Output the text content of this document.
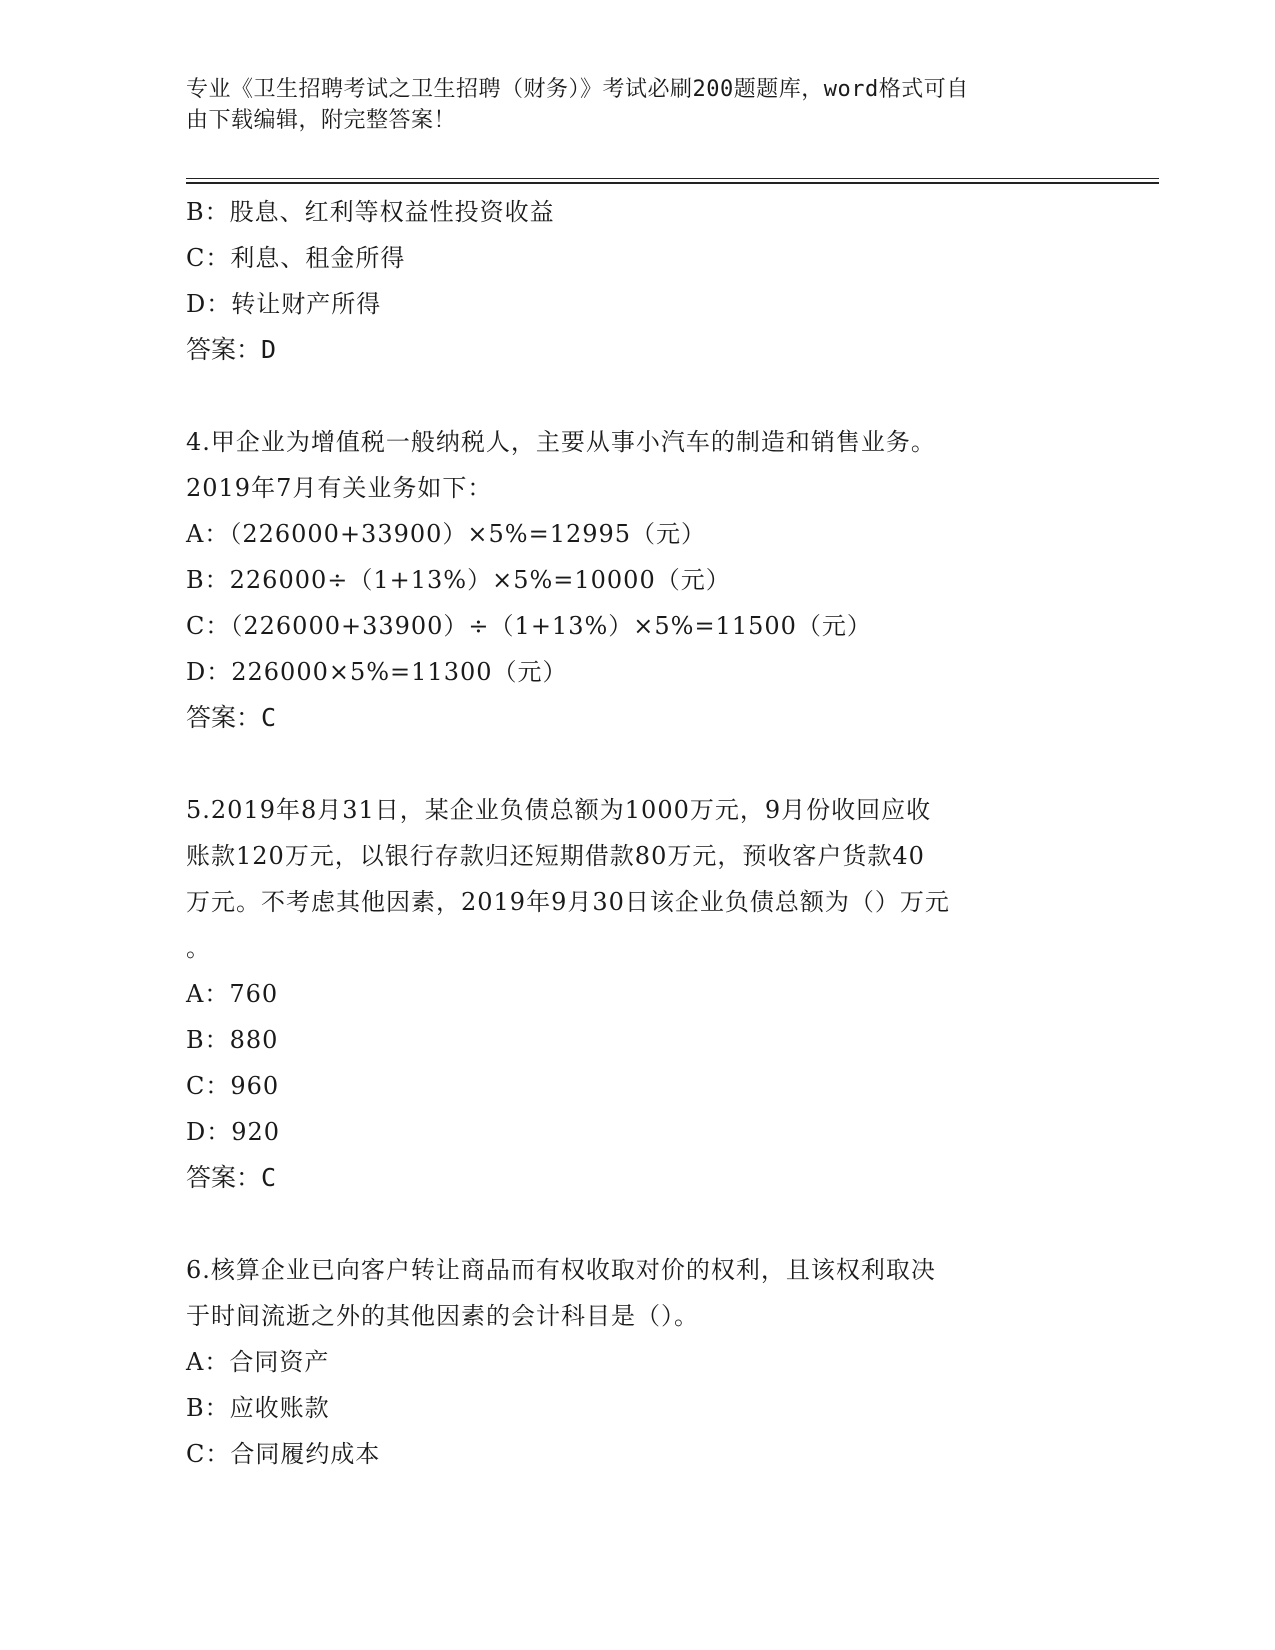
专业《卫生招聘考试之卫生招聘（财务）》考试必刷200题题库，word格式可自
由下载编辑，附完整答案！
B：股息、红利等权益性投资收益
C：利息、租金所得
D：转让财产所得
答案：D
4.甲企业为增值税一般纳税人，主要从事小汽车的制造和销售业务。
2019年7月有关业务如下：
A：（226000+33900）×5%=12995（元）
B：226000÷（1+13%）×5%=10000（元）
C：（226000+33900）÷（1+13%）×5%=11500（元）
D：226000×5%=11300（元）
答案：C
5.2019年8月31日，某企业负债总额为1000万元，9月份收回应收
账款120万元，以银行存款归还短期借款80万元，预收客户货款40
万元。不考虑其他因素，2019年9月30日该企业负债总额为（）万元
。
A：760
B：880
C：960
D：920
答案：C
6.核算企业已向客户转让商品而有权收取对价的权利，且该权利取决
于时间流逝之外的其他因素的会计科目是（）。
A：合同资产
B：应收账款
C：合同履约成本
